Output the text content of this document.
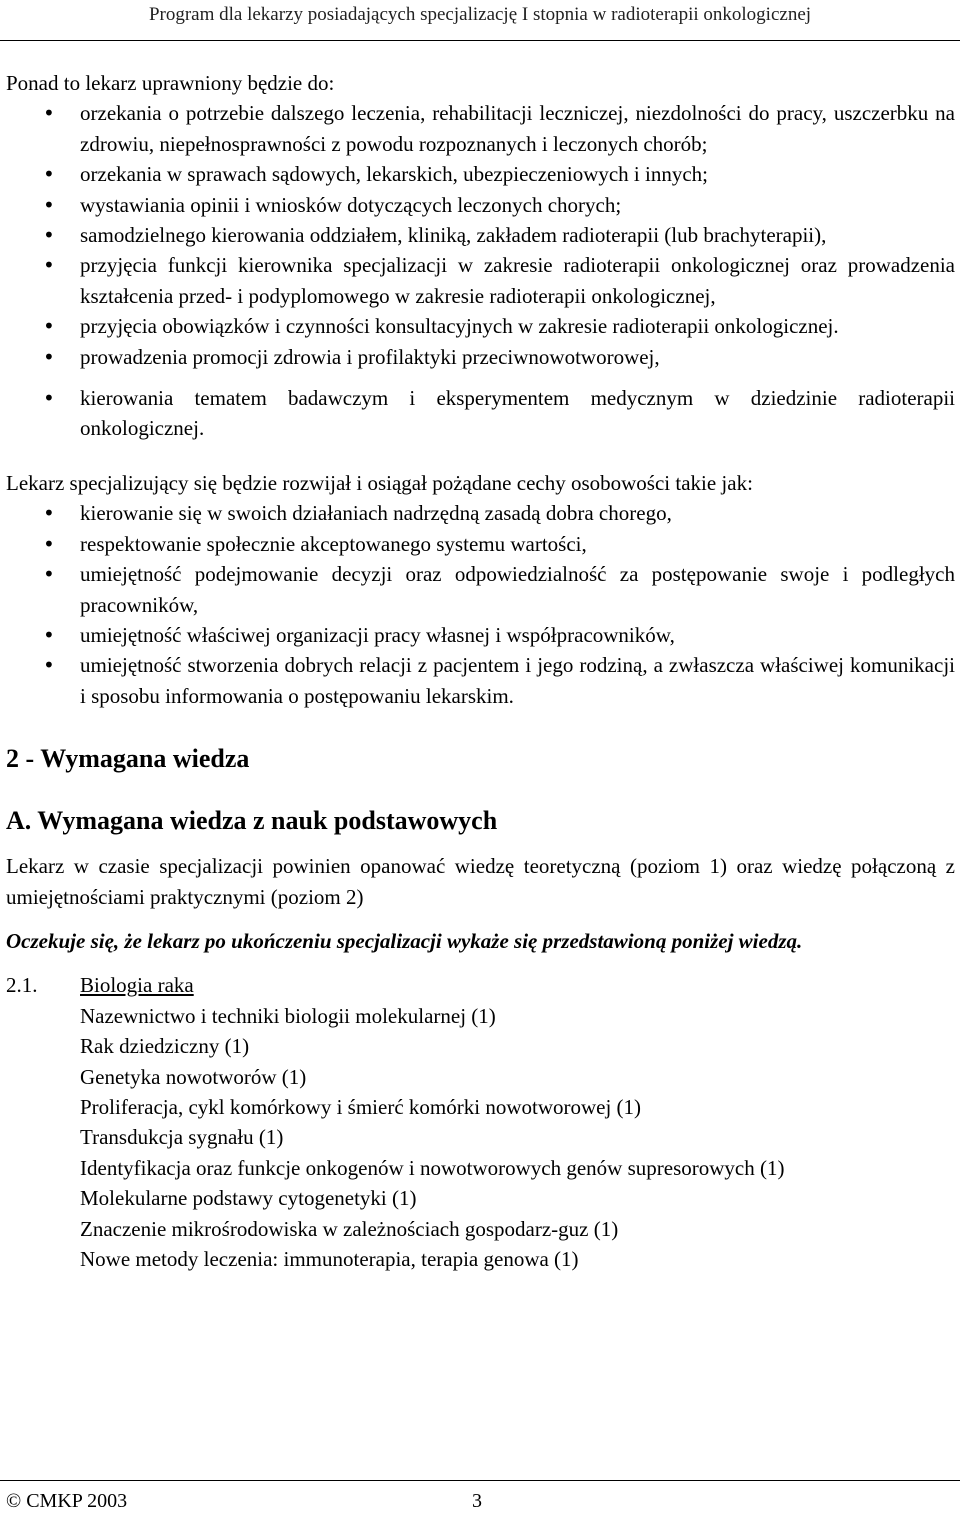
Program dla lekarzy posiadających specjalizację I stopnia w radioterapii onkologicznej

Ponad to lekarz uprawniony będzie do:

• orzekania o potrzebie dalszego leczenia, rehabilitacji leczniczej, niezdolności do pracy, uszczerbku na zdrowiu, niepełnosprawności z powodu rozpoznanych i leczonych chorób;
• orzekania w sprawach sądowych, lekarskich, ubezpieczeniowych i innych;
• wystawiania opinii i wniosków dotyczących leczonych chorych;
• samodzielnego kierowania oddziałem, kliniką, zakładem radioterapii (lub brachyterapii),
• przyjęcia funkcji kierownika specjalizacji w zakresie radioterapii onkologicznej oraz prowadzenia kształcenia przed- i podyplomowego w zakresie radioterapii onkologicznej,
• przyjęcia obowiązków i czynności konsultacyjnych w zakresie radioterapii onkologicznej.
• prowadzenia promocji zdrowia i profilaktyki przeciwnowotworowej,
• kierowania tematem badawczym i eksperymentem medycznym w dziedzinie radioterapii onkologicznej.

Lekarz specjalizujący się będzie rozwijał i osiągał pożądane cechy osobowości takie jak:

• kierowanie się w swoich działaniach nadrzędną zasadą dobra chorego,
• respektowanie społecznie akceptowanego systemu wartości,
• umiejętność podejmowanie decyzji oraz odpowiedzialność za postępowanie swoje i podległych pracowników,
• umiejętność właściwej organizacji pracy własnej i współpracowników,
• umiejętność stworzenia dobrych relacji z pacjentem i jego rodziną, a zwłaszcza właściwej komunikacji i sposobu informowania o postępowaniu lekarskim.
2 - Wymagana wiedza
A. Wymagana wiedza z nauk podstawowych

Lekarz w czasie specjalizacji powinien opanować wiedzę teoretyczną (poziom 1) oraz wiedzę połączoną z umiejętnościami praktycznymi (poziom 2)

Oczekuje się, że lekarz po ukończeniu specjalizacji wykaże się przedstawioną poniżej wiedzą.

2.1.	Biologia raka
Nazewnictwo i techniki biologii molekularnej (1)
Rak dziedziczny (1)
Genetyka nowotworów (1)
Proliferacja, cykl komórkowy i śmierć komórki nowotworowej (1)
Transdukcja sygnału (1)
Identyfikacja oraz funkcje onkogenów i nowotworowych genów supresorowych (1)
Molekularne podstawy cytogenetyki (1)
Znaczenie mikrośrodowiska w zależnościach gospodarz-guz (1)
Nowe metody leczenia: immunoterapia, terapia genowa (1)
© CMKP 2003	3
